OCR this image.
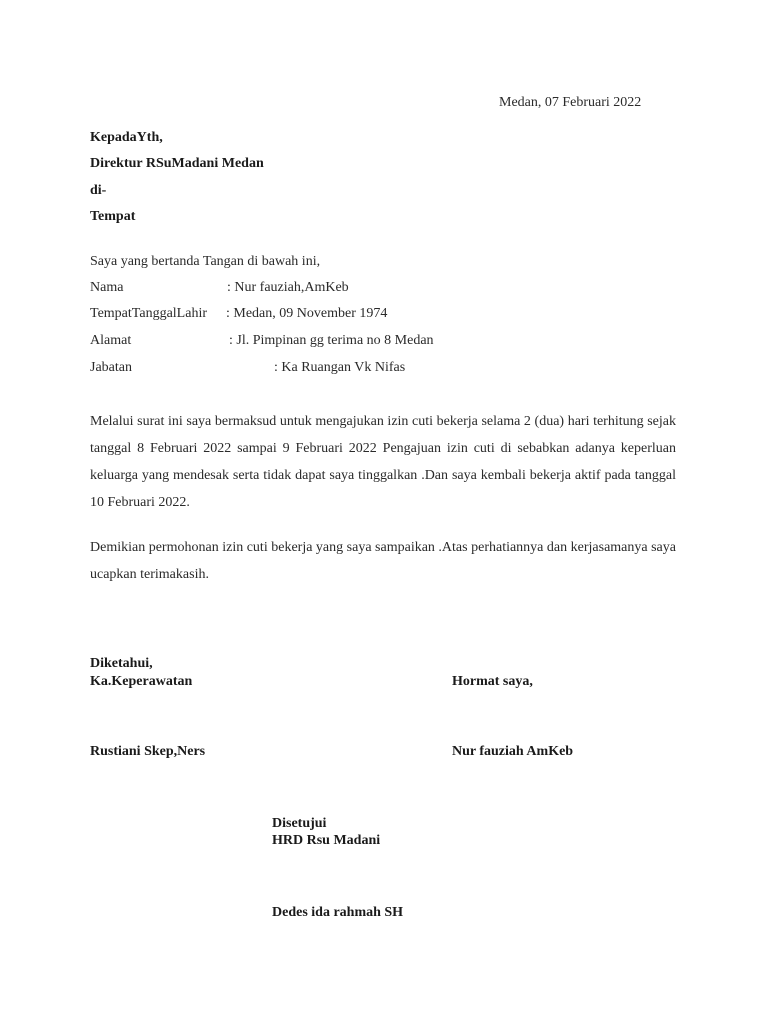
Medan, 07 Februari 2022
KepadaYth,
Direktur RSuMadani Medan
di-
Tempat
Saya yang bertanda Tangan di bawah ini,
Nama	: Nur fauziah,AmKeb
TempatTanggalLahir : Medan, 09 November 1974
Alamat	: Jl. Pimpinan gg terima no 8 Medan
Jabatan	: Ka Ruangan Vk Nifas
Melalui surat ini saya bermaksud untuk mengajukan izin cuti bekerja selama 2 (dua) hari terhitung sejak tanggal 8 Februari 2022 sampai 9 Februari 2022 Pengajuan izin cuti di sebabkan adanya keperluan keluarga yang mendesak serta tidak dapat saya tinggalkan .Dan saya kembali bekerja aktif pada tanggal 10 Februari 2022.
Demikian permohonan izin cuti bekerja yang saya sampaikan .Atas perhatiannya dan kerjasamanya saya ucapkan terimakasih.
Diketahui,
Ka.Keperawatan
Rustiani Skep,Ners
Hormat saya,
Nur fauziah AmKeb
Disetujui
HRD Rsu Madani
Dedes ida rahmah SH
